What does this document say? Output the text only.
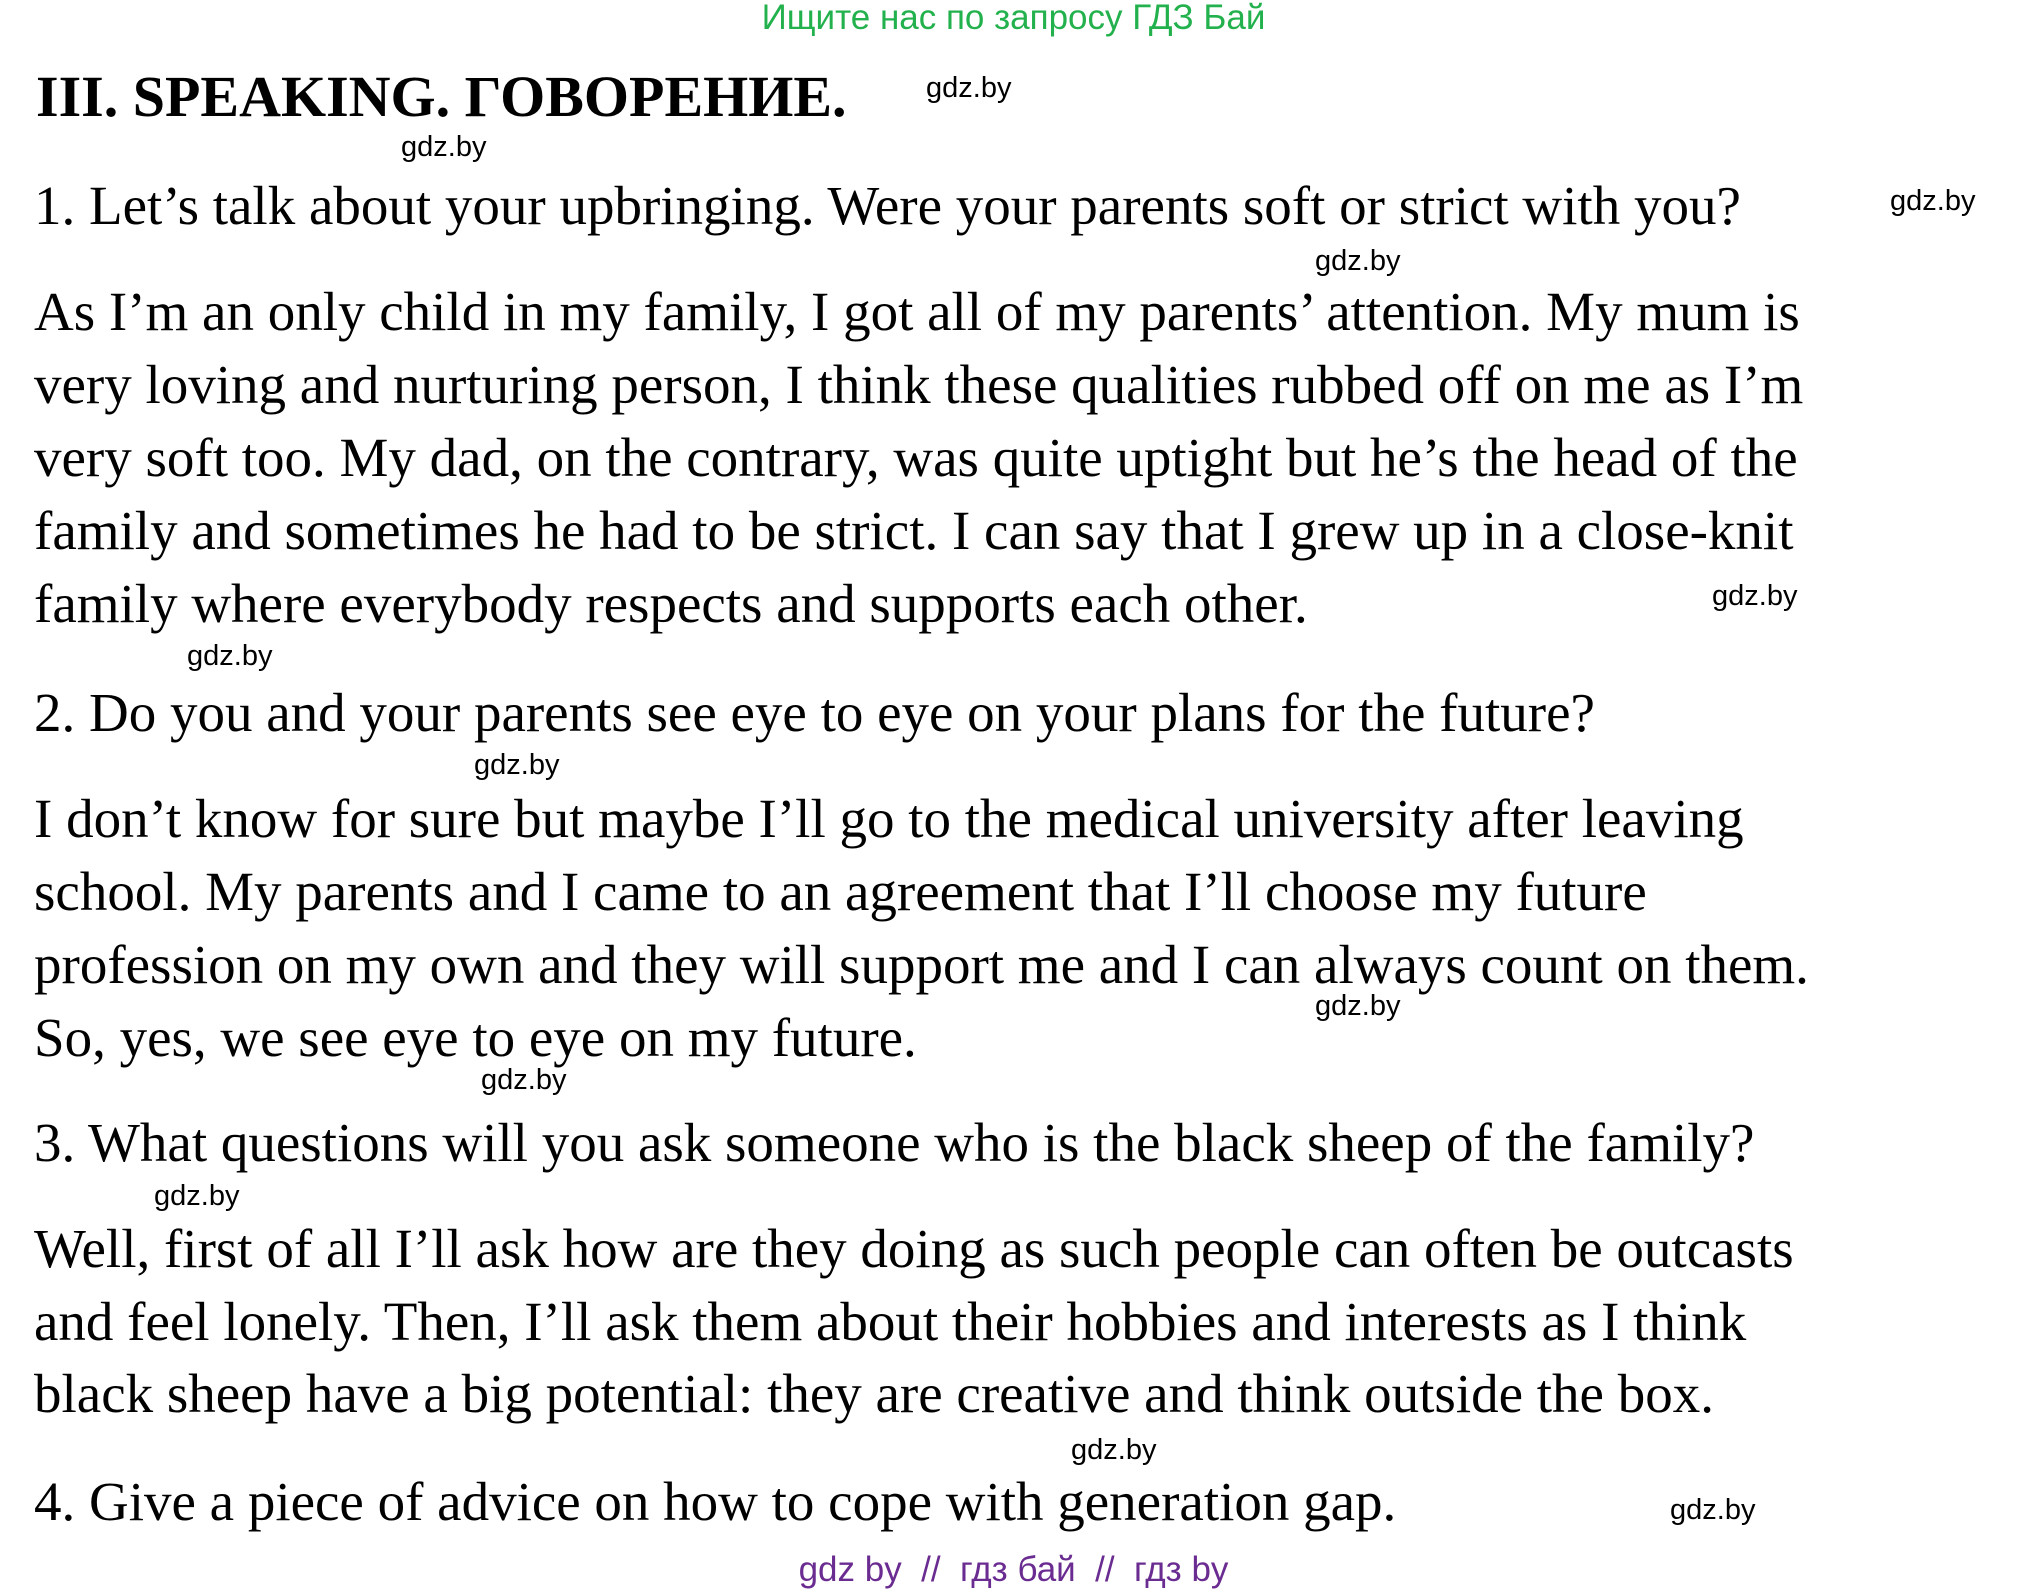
Ищите нас по запросу ГДЗ Бай
III. SPEAKING. ГОВОРЕНИЕ.
1. Let’s talk about your upbringing. Were your parents soft or strict with you?
As I’m an only child in my family, I got all of my parents’ attention. My mum is
very loving and nurturing person, I think these qualities rubbed off on me as I’m
very soft too. My dad, on the contrary, was quite uptight but he’s the head of the
family and sometimes he had to be strict. I can say that I grew up in a close-knit
family where everybody respects and supports each other.
2. Do you and your parents see eye to eye on your plans for the future?
I don’t know for sure but maybe I’ll go to the medical university after leaving
school. My parents and I came to an agreement that I’ll choose my future
profession on my own and they will support me and I can always count on them.
So, yes, we see eye to eye on my future.
3. What questions will you ask someone who is the black sheep of the family?
Well, first of all I’ll ask how are they doing as such people can often be outcasts
and feel lonely. Then, I’ll ask them about their hobbies and interests as I think
black sheep have a big potential: they are creative and think outside the box.
4. Give a piece of advice on how to cope with generation gap.
gdz.by
gdz.by
gdz.by
gdz.by
gdz.by
gdz.by
gdz.by
gdz.by
gdz.by
gdz.by
gdz.by
gdz.by
gdz by  //  гдз бай  //  гдз by
